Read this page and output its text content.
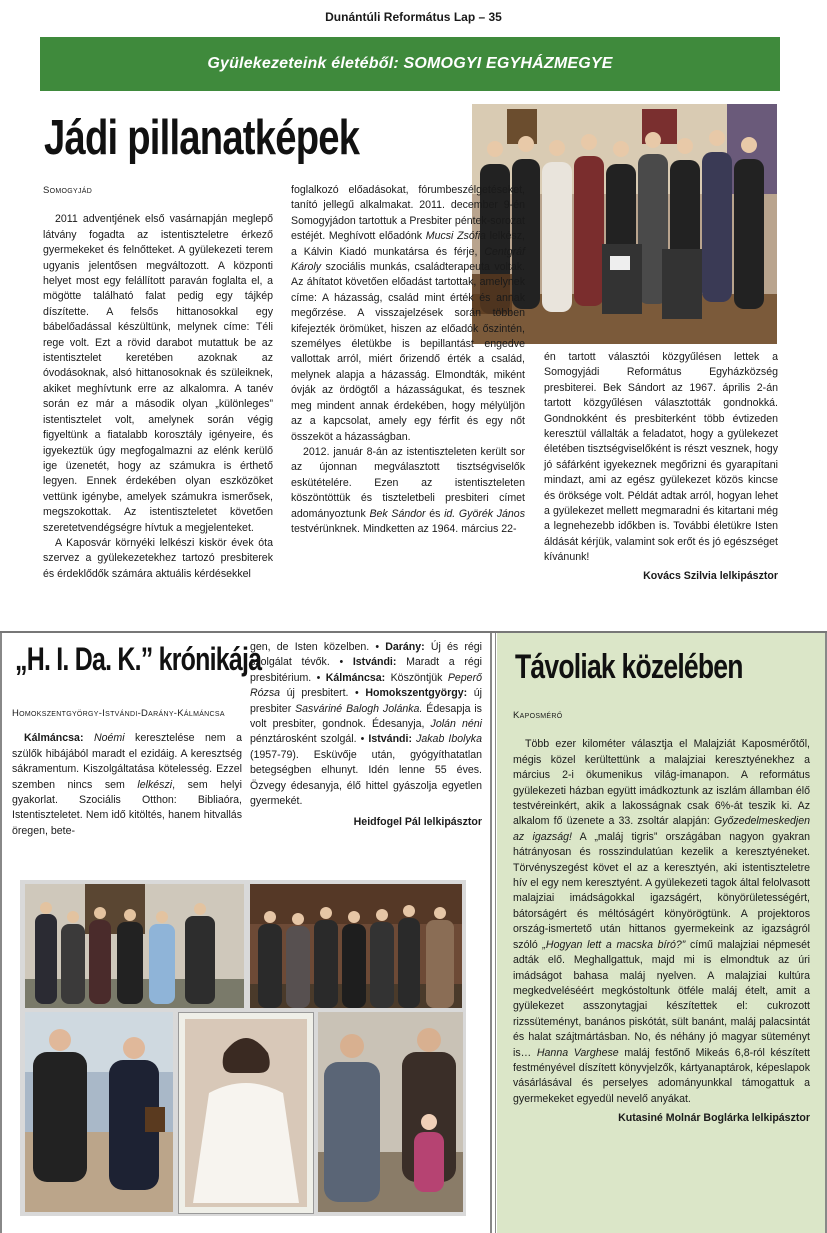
Dunántúli Református Lap – 35
Gyülekezeteink életéből: SOMOGYI EGYHÁZMEGYE
Jádi pillanatképek

Somogyjád

2011 adventjének első vasárnapján meglepő látvány fogadta az istentiszteletre érkező gyermekeket és felnőtteket. A gyülekezeti terem ugyanis jelentősen megváltozott. A központi helyet most egy felállított paraván foglalta el, a mögötte található falat pedig egy tájkép díszítette. A felsős hittanosokkal egy bábelőadással készültünk, melynek címe: Téli rege volt. Ezt a rövid darabot mutattuk be az istentisztelet keretében azoknak az óvodásoknak, alsó hittanosoknak és szüleiknek, akiket meghívtunk erre az alkalomra. A tanév során ez már a második olyan „különleges” istentisztelet volt, amelynek során végig figyeltünk a fiatalabb korosztály igényeire, és igyekeztük úgy megfogalmazni az elénk kerülő ige üzenetét, hogy az számukra is érthető legyen. Ennek érdekében olyan eszközöket vettünk igénybe, amelyek számukra ismerősek, megszokottak. Az istentiszteletet követően szeretetvendégségre hívtuk a megjelenteket.

A Kaposvár környéki lelkészi kiskör évek óta szervez a gyülekezetekhez tartozó presbiterek és érdeklődők számára aktuális kérdésekkel

foglalkozó előadásokat, fórumbeszélgetéseket, tanító jellegű alkalmakat. 2011. december 9-én Somogyjádon tartottuk a Presbiter péntek-sorozat estéjét. Meghívott előadónk Mucsi Zsófia lelkész, a Kálvin Kiadó munkatársa és férje, Centgráf Károly szociális munkás, családterapeuta voltak. Az áhítatot követően előadást tartottak, amelynek címe: A házasság, család mint érték és annak megőrzése. A visszajelzések során többen kifejezték örömüket, hiszen az előadók őszintén, személyes életükbe is bepillantást engedve vallottak arról, miért őrizendő érték a család, melynek alapja a házasság. Elmondták, miként óvják az ördögtől a házasságukat, és tesznek meg mindent annak érdekében, hogy mélyüljön az a kapcsolat, amely egy férfit és egy nőt összeköt a házasságban.

2012. január 8-án az istentiszteleten került sor az újonnan megválasztott tisztségviselők eskütételére. Ezen az istentiszteleten köszöntöttük és tiszteletbeli presbiteri címet adományoztunk Bek Sándor és id. Györék János testvérünknek. Mindketten az 1964. március 22-

én tartott választói közgyűlésen lettek a Somogyjádi Református Egyházközség presbiterei. Bek Sándort az 1967. április 2-án tartott közgyűlésen választották gondnokká. Gondnokként és presbiterként több évtizeden keresztül vállalták a feladatot, hogy a gyülekezet életében tisztségviselőként is részt vesznek, hogy jó sáfárként igyekeznek megőrizni és gyarapítani mindazt, ami az egész gyülekezet közös kincse és öröksége volt. Példát adtak arról, hogyan lehet a gyülekezet mellett megmaradni és kitartani még a legnehezebb időkben is. További életükre Isten áldását kérjük, valamint sok erőt és jó egészséget kívánunk!

Kovács Szilvia lelkipásztor

„H. I. Da. K.” krónikája

Homokszentgyörgy-Istvándi-Darány-Kálmáncsa

Kálmáncsa: Noémi keresztelése nem a szülők hibájából maradt el ezidáig. A keresztség sákramentum. Kiszolgáltatása kötelesség. Ezzel szemben nincs sem lelkészi, sem helyi gyakorlat. Szociális Otthon: Bibliaóra, Istentiszteletet. Nem idő kitöltés, hanem hitvallás öregen, bete-

gen, de Isten közelben. • Darány: Új és régi szolgálat tévők. • Istvándi: Maradt a régi presbitérium. • Kálmáncsa: Köszöntjük Peperő Rózsa új presbitert. • Homokszentgyörgy: új presbiter Sasváriné Balogh Jolánka. Édesapja is volt presbiter, gondnok. Édesanyja, Jolán néni pénztárosként szolgál. • Istvándi: Jakab Ibolyka (1957-79). Esküvője után, gyógyíthatatlan betegségben elhunyt. Idén lenne 55 éves. Özvegy édesanyja, élő hittel gyászolja egyetlen gyermekét.

Heidfogel Pál lelkipásztor

Távoliak közelében

Kaposmérő

Több ezer kilométer választja el Malajziát Kaposmérőtől, mégis közel kerültettünk a malajziai keresztyénekhez a március 2-i ökumenikus világ-imanapon. A református gyülekezeti házban együtt imádkoztunk az iszlám államban élő testvéreinkért, akik a lakosságnak csak 6%-át teszik ki. Az alkalom fő üzenete a 33. zsoltár alapján: Győzedelmeskedjen az igazság! A „maláj tigris” országában nagyon gyakran hátrányosan és rosszindulatúan kezelik a keresztyéneket. Törvényszegést követ el az a keresztyén, aki istentiszteletre hív el egy nem keresztyént. A gyülekezeti tagok által felolvasott malajziai imádságokkal igazságért, könyörületességért, bátorságért és méltóságért könyörögtünk. A projektoros ország-ismertető után hittanos gyermekeink az igazságról szóló „Hogyan lett a macska bíró?” című malajziai népmesét adták elő. Meghallgattuk, majd mi is elmondtuk az úri imádságot bahasa maláj nyelven. A malajziai kultúra megkedveléséért megkóstoltunk ötféle maláj ételt, amit a gyülekezet asszonytagjai készítettek el: cukrozott rizssüteményt, banános piskótát, sült banánt, maláj palacsintát és halat szájtmártásban. No, és néhány jó magyar süteményt is… Hanna Varghese maláj festőnő Mikeás 6,8-ról készített festményével díszített könyvjelzők, kártyanaptárok, képeslapok vásárlásával és perselyes adományunkkal támogattuk a gyermekeket egyedül nevelő anyákat.

Kutasiné Molnár Boglárka lelkipásztor
